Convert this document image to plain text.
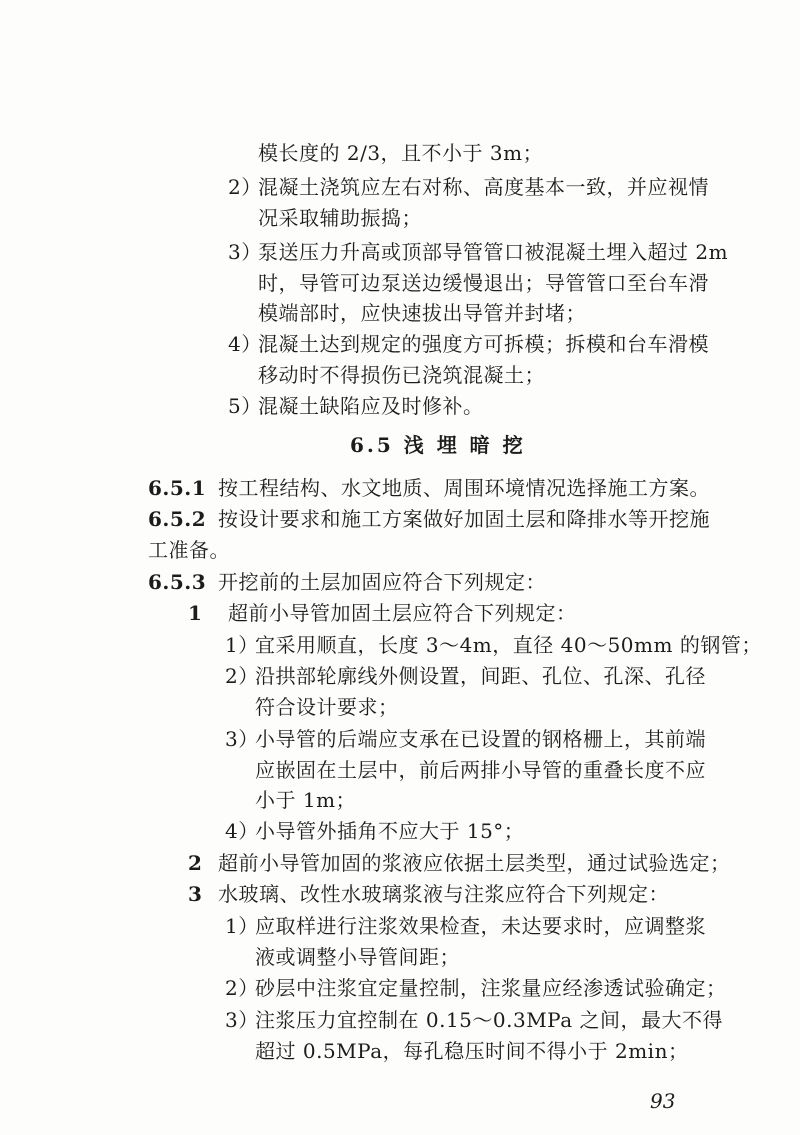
模长度的 2/3，且不小于 3m；
2）混凝土浇筑应左右对称、高度基本一致，并应视情
况采取辅助振捣；
3）泵送压力升高或顶部导管管口被混凝土埋入超过 2m
时，导管可边泵送边缓慢退出；导管管口至台车滑
模端部时，应快速拔出导管并封堵；
4）混凝土达到规定的强度方可拆模；拆模和台车滑模
移动时不得损伤已浇筑混凝土；
5）混凝土缺陷应及时修补。
6.5 浅 埋 暗 挖
6.5.1 按工程结构、水文地质、周围环境情况选择施工方案。
6.5.2 按设计要求和施工方案做好加固土层和降排水等开挖施
工准备。
6.5.3 开挖前的土层加固应符合下列规定：
1 超前小导管加固土层应符合下列规定：
1）宜采用顺直，长度 3～4m，直径 40～50mm 的钢管；
2）沿拱部轮廓线外侧设置，间距、孔位、孔深、孔径
符合设计要求；
3）小导管的后端应支承在已设置的钢格栅上，其前端
应嵌固在土层中，前后两排小导管的重叠长度不应
小于 1m；
4）小导管外插角不应大于 15°；
2 超前小导管加固的浆液应依据土层类型，通过试验选定；
3 水玻璃、改性水玻璃浆液与注浆应符合下列规定：
1）应取样进行注浆效果检查，未达要求时，应调整浆
液或调整小导管间距；
2）砂层中注浆宜定量控制，注浆量应经渗透试验确定；
3）注浆压力宜控制在 0.15～0.3MPa 之间，最大不得
超过 0.5MPa，每孔稳压时间不得小于 2min；
93
